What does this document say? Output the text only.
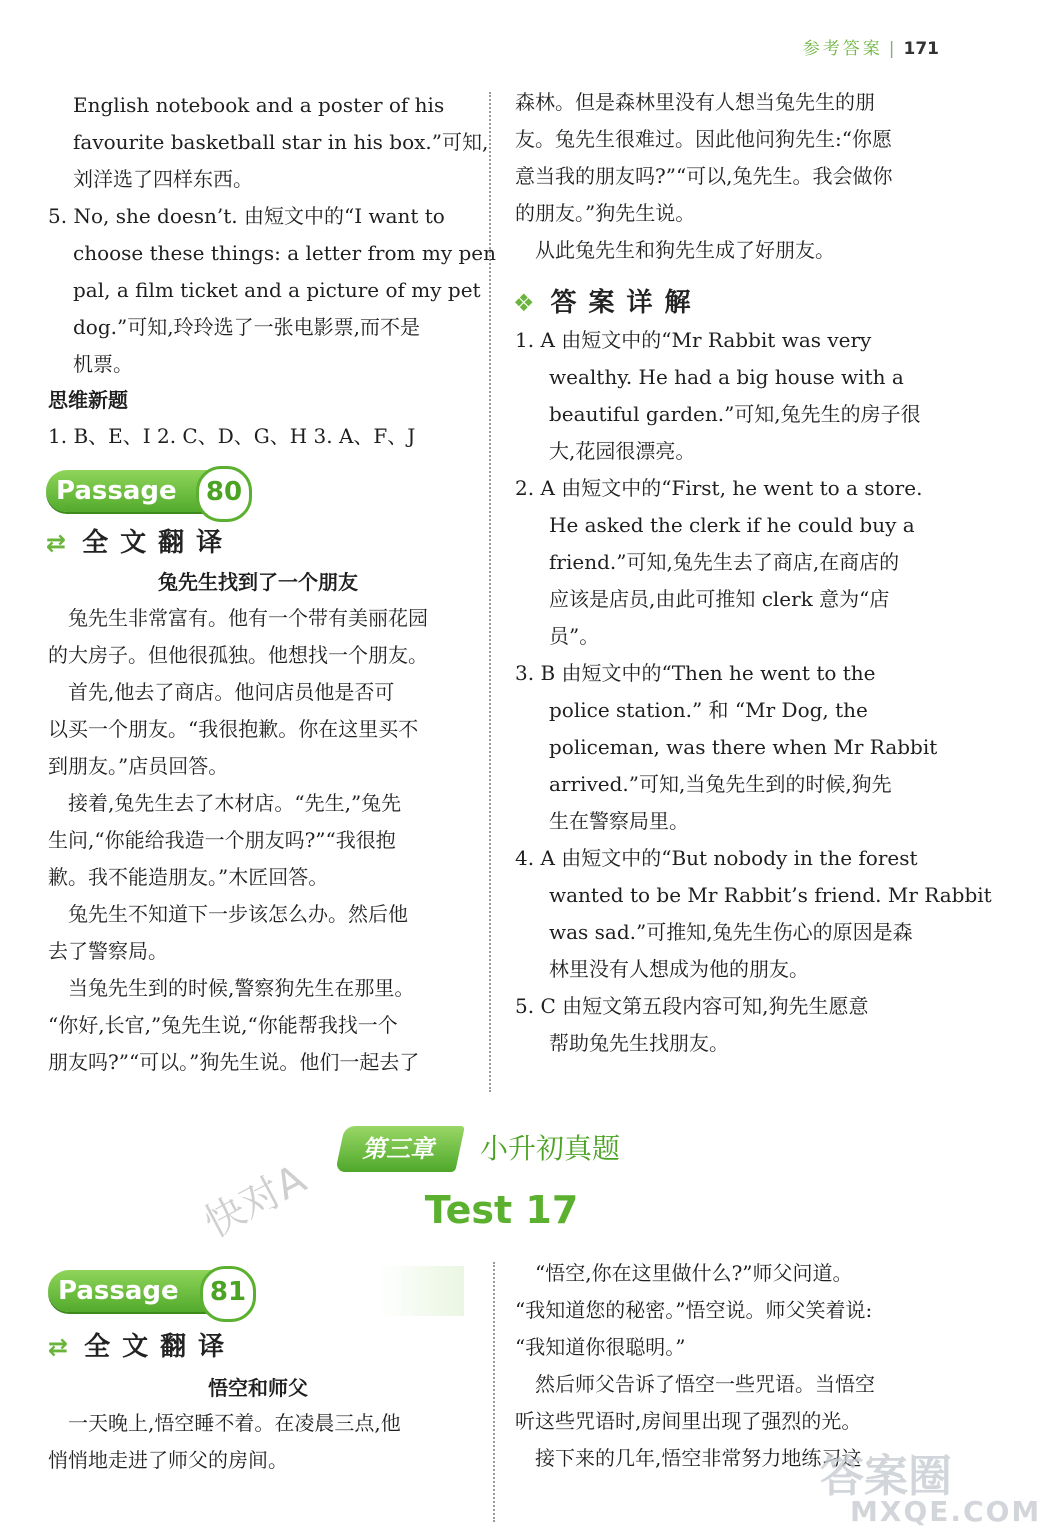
参考答案 | 171
English notebook and a poster of his
favourite basketball star in his box.”可知,
刘洋选了四样东西。
5. No, she doesn’t. 由短文中的“I want to
choose these things: a letter from my pen
pal, a film ticket and a picture of my pet
dog.”可知,玲玲选了一张电影票,而不是
机票。
思维新题
1. B、E、I 2. C、D、G、H 3. A、F、J
Passage	80
⇄ 全文翻译
兔先生找到了一个朋友
　兔先生非常富有。他有一个带有美丽花园
的大房子。但他很孤独。他想找一个朋友。
　首先,他去了商店。他问店员他是否可
以买一个朋友。“我很抱歉。你在这里买不
到朋友。”店员回答。
　接着,兔先生去了木材店。“先生,”兔先
生问,“你能给我造一个朋友吗?”“我很抱
歉。我不能造朋友。”木匠回答。
　兔先生不知道下一步该怎么办。然后他
去了警察局。
　当兔先生到的时候,警察狗先生在那里。
“你好,长官,”兔先生说,“你能帮我找一个
朋友吗?”“可以。”狗先生说。他们一起去了
森林。但是森林里没有人想当兔先生的朋
友。兔先生很难过。因此他问狗先生:“你愿
意当我的朋友吗?”“可以,兔先生。我会做你
的朋友。”狗先生说。
　从此兔先生和狗先生成了好朋友。
❖ 答案详解
1. A 由短文中的“Mr Rabbit was very
wealthy. He had a big house with a
beautiful garden.”可知,兔先生的房子很
大,花园很漂亮。
2. A 由短文中的“First, he went to a store.
He asked the clerk if he could buy a
friend.”可知,兔先生去了商店,在商店的
应该是店员,由此可推知 clerk 意为“店
员”。
3. B 由短文中的“Then he went to the
police station.” 和 “Mr Dog, the
policeman, was there when Mr Rabbit
arrived.”可知,当兔先生到的时候,狗先
生在警察局里。
4. A 由短文中的“But nobody in the forest
wanted to be Mr Rabbit’s friend. Mr Rabbit
was sad.”可推知,兔先生伤心的原因是森
林里没有人想成为他的朋友。
5. C 由短文第五段内容可知,狗先生愿意
帮助兔先生找朋友。
第三章	小升初真题
Test 17
快对A
Passage	81
⇄ 全文翻译
悟空和师父
　一天晚上,悟空睡不着。在凌晨三点,他
悄悄地走进了师父的房间。
　“悟空,你在这里做什么?”师父问道。
“我知道您的秘密。”悟空说。师父笑着说:
“我知道你很聪明。”
　然后师父告诉了悟空一些咒语。当悟空
听这些咒语时,房间里出现了强烈的光。
　接下来的几年,悟空非常努力地练习这
答案圈
MXQE.COM
